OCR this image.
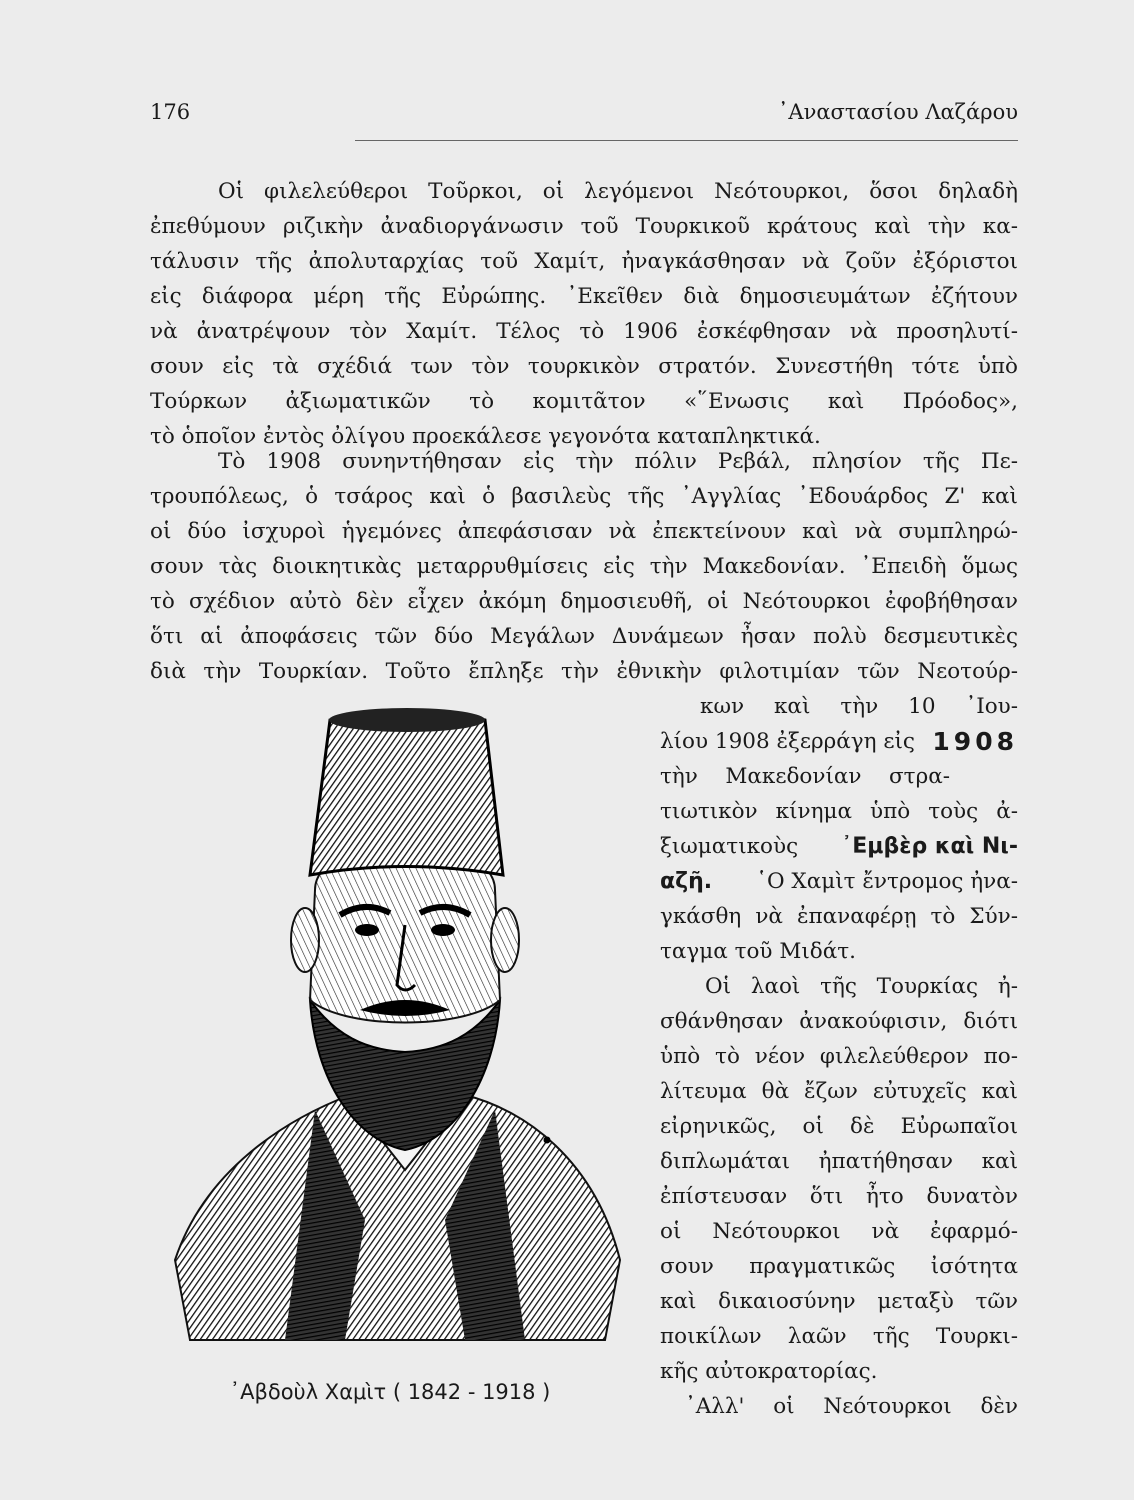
176	᾿Αναστασίου Λαζάρου
Οἱ φιλελεύθεροι Τοῦρκοι, οἱ λεγόμενοι Νεότουρκοι, ὅσοι δηλαδὴ
ἐπεθύμουν ριζικὴν ἀναδιοργάνωσιν τοῦ Τουρκικοῦ κράτους καὶ τὴν κα-
τάλυσιν τῆς ἀπολυταρχίας τοῦ Χαμίτ, ἠναγκάσθησαν νὰ ζοῦν ἐξόριστοι
εἰς διάφορα μέρη τῆς Εὐρώπης. ᾿Εκεῖθεν διὰ δημοσιευμάτων ἐζήτουν
νὰ ἀνατρέψουν τὸν Χαμίτ. Τέλος τὸ 1906 ἐσκέφθησαν νὰ προσηλυτί-
σουν εἰς τὰ σχέδιά των τὸν τουρκικὸν στρατόν. Συνεστήθη τότε ὑπὸ
Τούρκων ἀξιωματικῶν τὸ κομιτᾶτον «῞Ενωσις καὶ Πρόοδος»,
τὸ ὁποῖον ἐντὸς ὀλίγου προεκάλεσε γεγονότα καταπληκτικά.
Τὸ 1908 συνηντήθησαν εἰς τὴν πόλιν Ρεβάλ, πλησίον τῆς Πε-
τρουπόλεως, ὁ τσάρος καὶ ὁ βασιλεὺς τῆς ᾿Αγγλίας ᾿Εδουάρδος Ζ' καὶ
οἱ δύο ἰσχυροὶ ἡγεμόνες ἀπεφάσισαν νὰ ἐπεκτείνουν καὶ νὰ συμπληρώ-
σουν τὰς διοικητικὰς μεταρρυθμίσεις εἰς τὴν Μακεδονίαν. ᾿Επειδὴ ὅμως
τὸ σχέδιον αὐτὸ δὲν εἶχεν ἀκόμη δημοσιευθῆ, οἱ Νεότουρκοι ἐφοβήθησαν
ὅτι αἱ ἀποφάσεις τῶν δύο Μεγάλων Δυνάμεων ἦσαν πολὺ δεσμευτικὲς
διὰ τὴν Τουρκίαν. Τοῦτο ἔπληξε τὴν ἐθνικὴν φιλοτιμίαν τῶν Νεοτούρ-
κων καὶ τὴν 10 ᾿Ιου-
λίου 1908 ἐξερράγη εἰς 1908
τὴν Μακεδονίαν στρα-
τιωτικὸν κίνημα ὑπὸ τοὺς ἀ-
ξιωματικοὺς ᾿Εμβὲρ καὶ Νι-
αζῆ. ῾Ο Χαμὶτ ἔντρομος ἠνα-
γκάσθη νὰ ἐπαναφέρῃ τὸ Σύν-
ταγμα τοῦ Μιδάτ.
Οἱ λαοὶ τῆς Τουρκίας ἠ-
σθάνθησαν ἀνακούφισιν, διότι
ὑπὸ τὸ νέον φιλελεύθερον πο-
λίτευμα θὰ ἔζων εὐτυχεῖς καὶ
εἰρηνικῶς, οἱ δὲ Εὐρωπαῖοι
διπλωμάται ἠπατήθησαν καὶ
ἐπίστευσαν ὅτι ἦτο δυνατὸν
οἱ Νεότουρκοι νὰ ἐφαρμό-
σουν πραγματικῶς ἰσότητα
καὶ δικαιοσύνην μεταξὺ τῶν
ποικίλων λαῶν τῆς Τουρκι-
κῆς αὐτοκρατορίας.
᾿Αλλ' οἱ Νεότουρκοι δὲν
᾿Αβδοὺλ Χαμὶτ ( 1842 - 1918 )
